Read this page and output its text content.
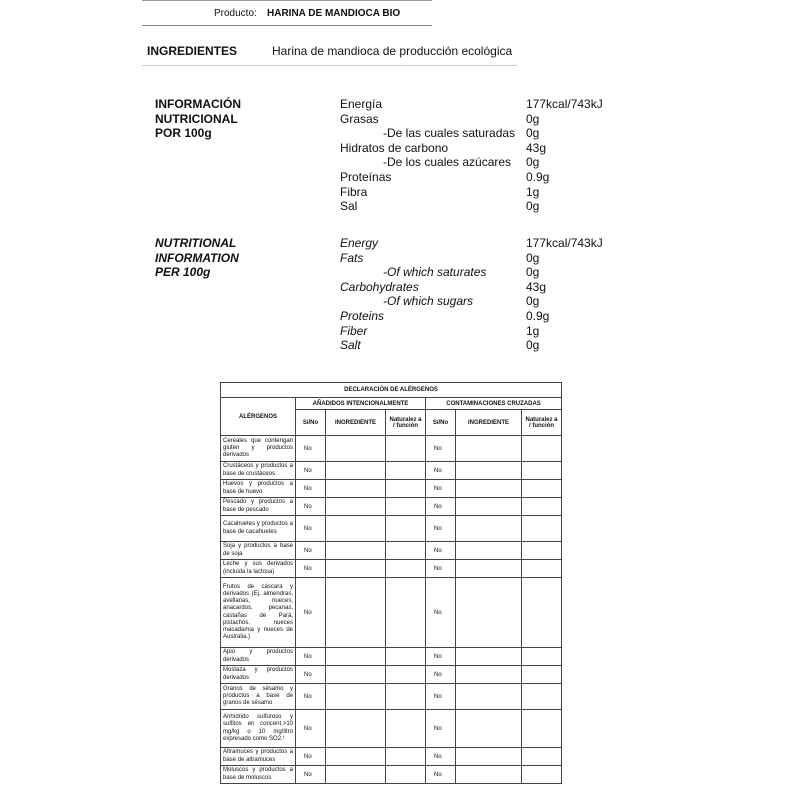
Producto: HARINA DE MANDIOCA BIO
INGREDIENTES	Harina de mandioca de producción ecológica
INFORMACIÓN
NUTRICIONAL
POR 100g
Energía	177kcal/743kJ
Grasas	0g
-De las cuales saturadas 0g
Hidratos de carbono	43g
-De los cuales azúcares 0g
Proteínas	0.9g
Fibra	1g
Sal	0g
NUTRITIONAL
INFORMATION
PER 100g
Energy	177kcal/743kJ
Fats	0g
-Of which saturates	0g
Carbohydrates	43g
-Of which sugars	0g
Proteins	0.9g
Fiber	1g
Salt	0g
DECLARACIÓN DE ALÉRGENOS						
ALÉRGENOS	AÑADIDOS INTENCIONALMENTE			CONTAMINACIONES CRUZADAS		
	Sí/No	INGREDIENTE	Naturalez a / función	Sí/No	INGREDIENTE	Naturalez a / función
Cereales que contengan gluten y productos derivados	No			No		
Crustáceos y productos a base de crustáceos	No			No		
Huevos y productos a base de huevo	No			No		
Pescado y productos a base de pescado	No			No		
Cacahuetes y productos a base de cacahuetes	No			No		
Soja y productos a base de soja	No			No		
Leche y sus derivados (incluida la lactosa)	No			No		
Frutos de cáscara y derivados (Ej. almendras, avellanas, nueces, anacardos, pecanas, castañas de Pará, pistachos, nueces macadamia y nueces de Australia.)	No			No		
Apio y productos derivados	No			No		
Mostaza y productos derivados	No			No		
Granos de sésamo y productos a base de granos de sésamo	No			No		
Anhídrido sulfuroso y sulfitos en concent.>10 mg/kg o 10 mg/litro expresado como SO2.¹	No			No		
Altramuces y productos a base de altramuces	No			No		
Moluscos y productos a base de moluscos	No			No		
